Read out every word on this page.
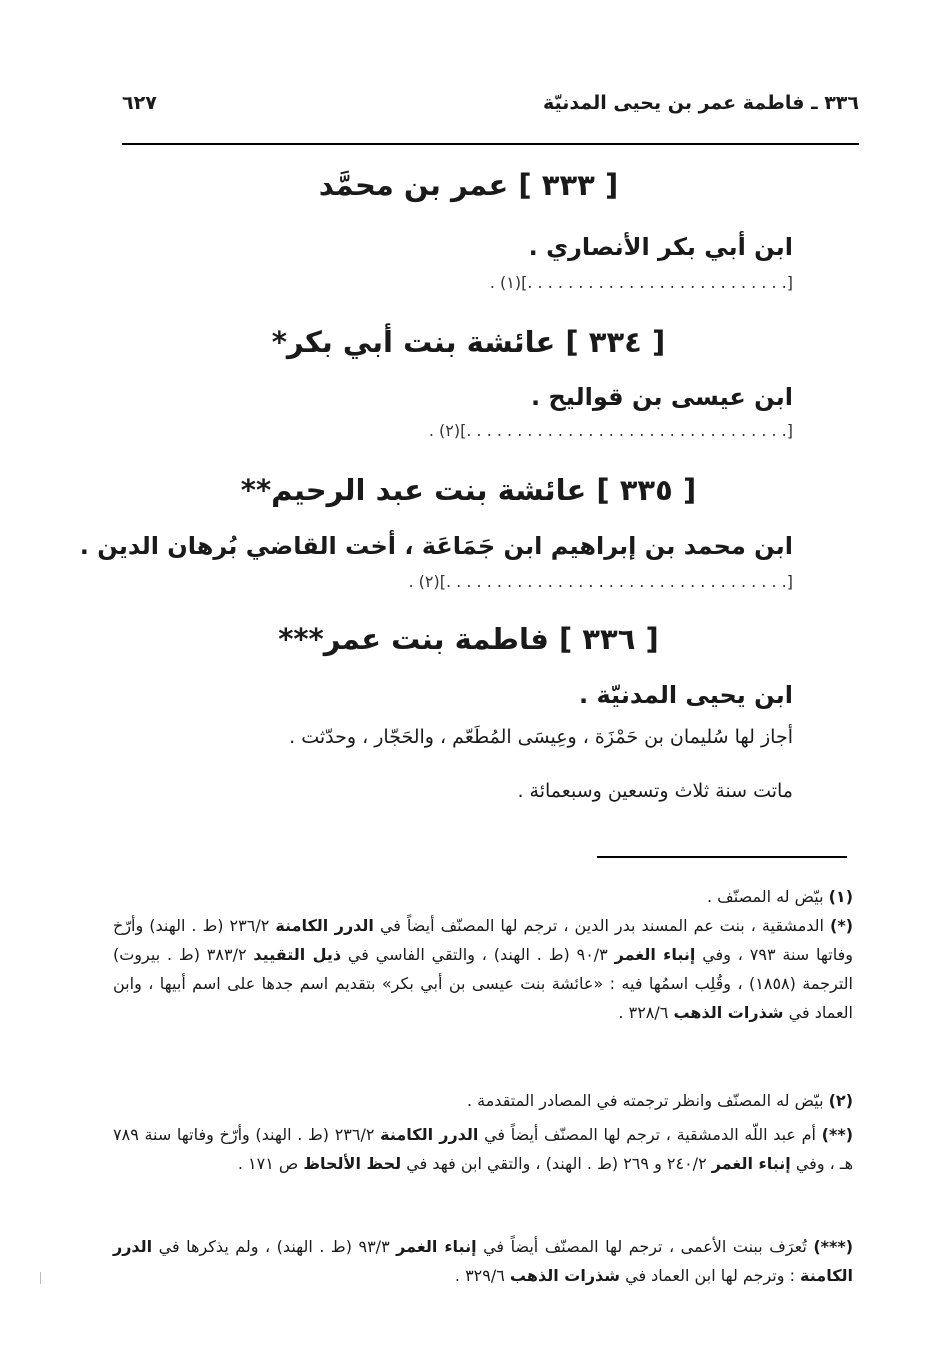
٣٣٦ ـ فاطمة عمر بن يحيى المدنيّة
٦٢٧
[ ٣٣٣ ] عمر بن محمَّد
ابن أبي بكر الأنصاري .
[. . . . . . . . . . . . . . . . . . . . . . . . . .](١) .
[ ٣٣٤ ] عائشة بنت أبي بكر*
ابن عيسى بن قواليح .
[. . . . . . . . . . . . . . . . . . . . . . . . . . . . . . . .](٢) .
[ ٣٣٥ ] عائشة بنت عبد الرحيم**
ابن محمد بن إبراهيم ابن جَمَاعَة ، أخت القاضي بُرهان الدين .
[. . . . . . . . . . . . . . . . . . . . . . . . . . . . . . . . . .](٢) .
[ ٣٣٦ ] فاطمة بنت عمر***
ابن يحيى المدنيّة .
أجاز لها سُليمان بن حَمْزَة ، وعِيسَى المُطَعّم ، والحَجّار ، وحدّثت .
ماتت سنة ثلاث وتسعين وسبعمائة .
(١) بيّض له المصنّف .
(*) الدمشقية ، بنت عم المسند بدر الدين ، ترجم لها المصنّف أيضاً في الدرر الكامنة ٢٣٦/٢ (ط . الهند) وأرّخ وفاتها سنة ٧٩٣ ، وفي إنباء الغمر ٩٠/٣ (ط . الهند) ، والتقي الفاسي في ذيل التقييد ٣٨٣/٢ (ط . بيروت) الترجمة (١٨٥٨) ، وقُلِب اسمُها فيه : «عائشة بنت عيسى بن أبي بكر» بتقديم اسم جدها على اسم أبيها ، وابن العماد في شذرات الذهب ٣٢٨/٦ .
(٢) بيّض له المصنّف وانظر ترجمته في المصادر المتقدمة .
(**) أم عبد اللّه الدمشقية ، ترجم لها المصنّف أيضاً في الدرر الكامنة ٢٣٦/٢ (ط . الهند) وأرّخ وفاتها سنة ٧٨٩ هـ ، وفي إنباء الغمر ٢٤٠/٢ و ٢٦٩ (ط . الهند) ، والتقي ابن فهد في لحظ الألحاظ ص ١٧١ .
(***) تُعرَف ببنت الأعمى ، ترجم لها المصنّف أيضاً في إنباء الغمر ٩٣/٣ (ط . الهند) ، ولم يذكرها في الدرر الكامنة : وترجم لها ابن العماد في شذرات الذهب ٣٢٩/٦ .
